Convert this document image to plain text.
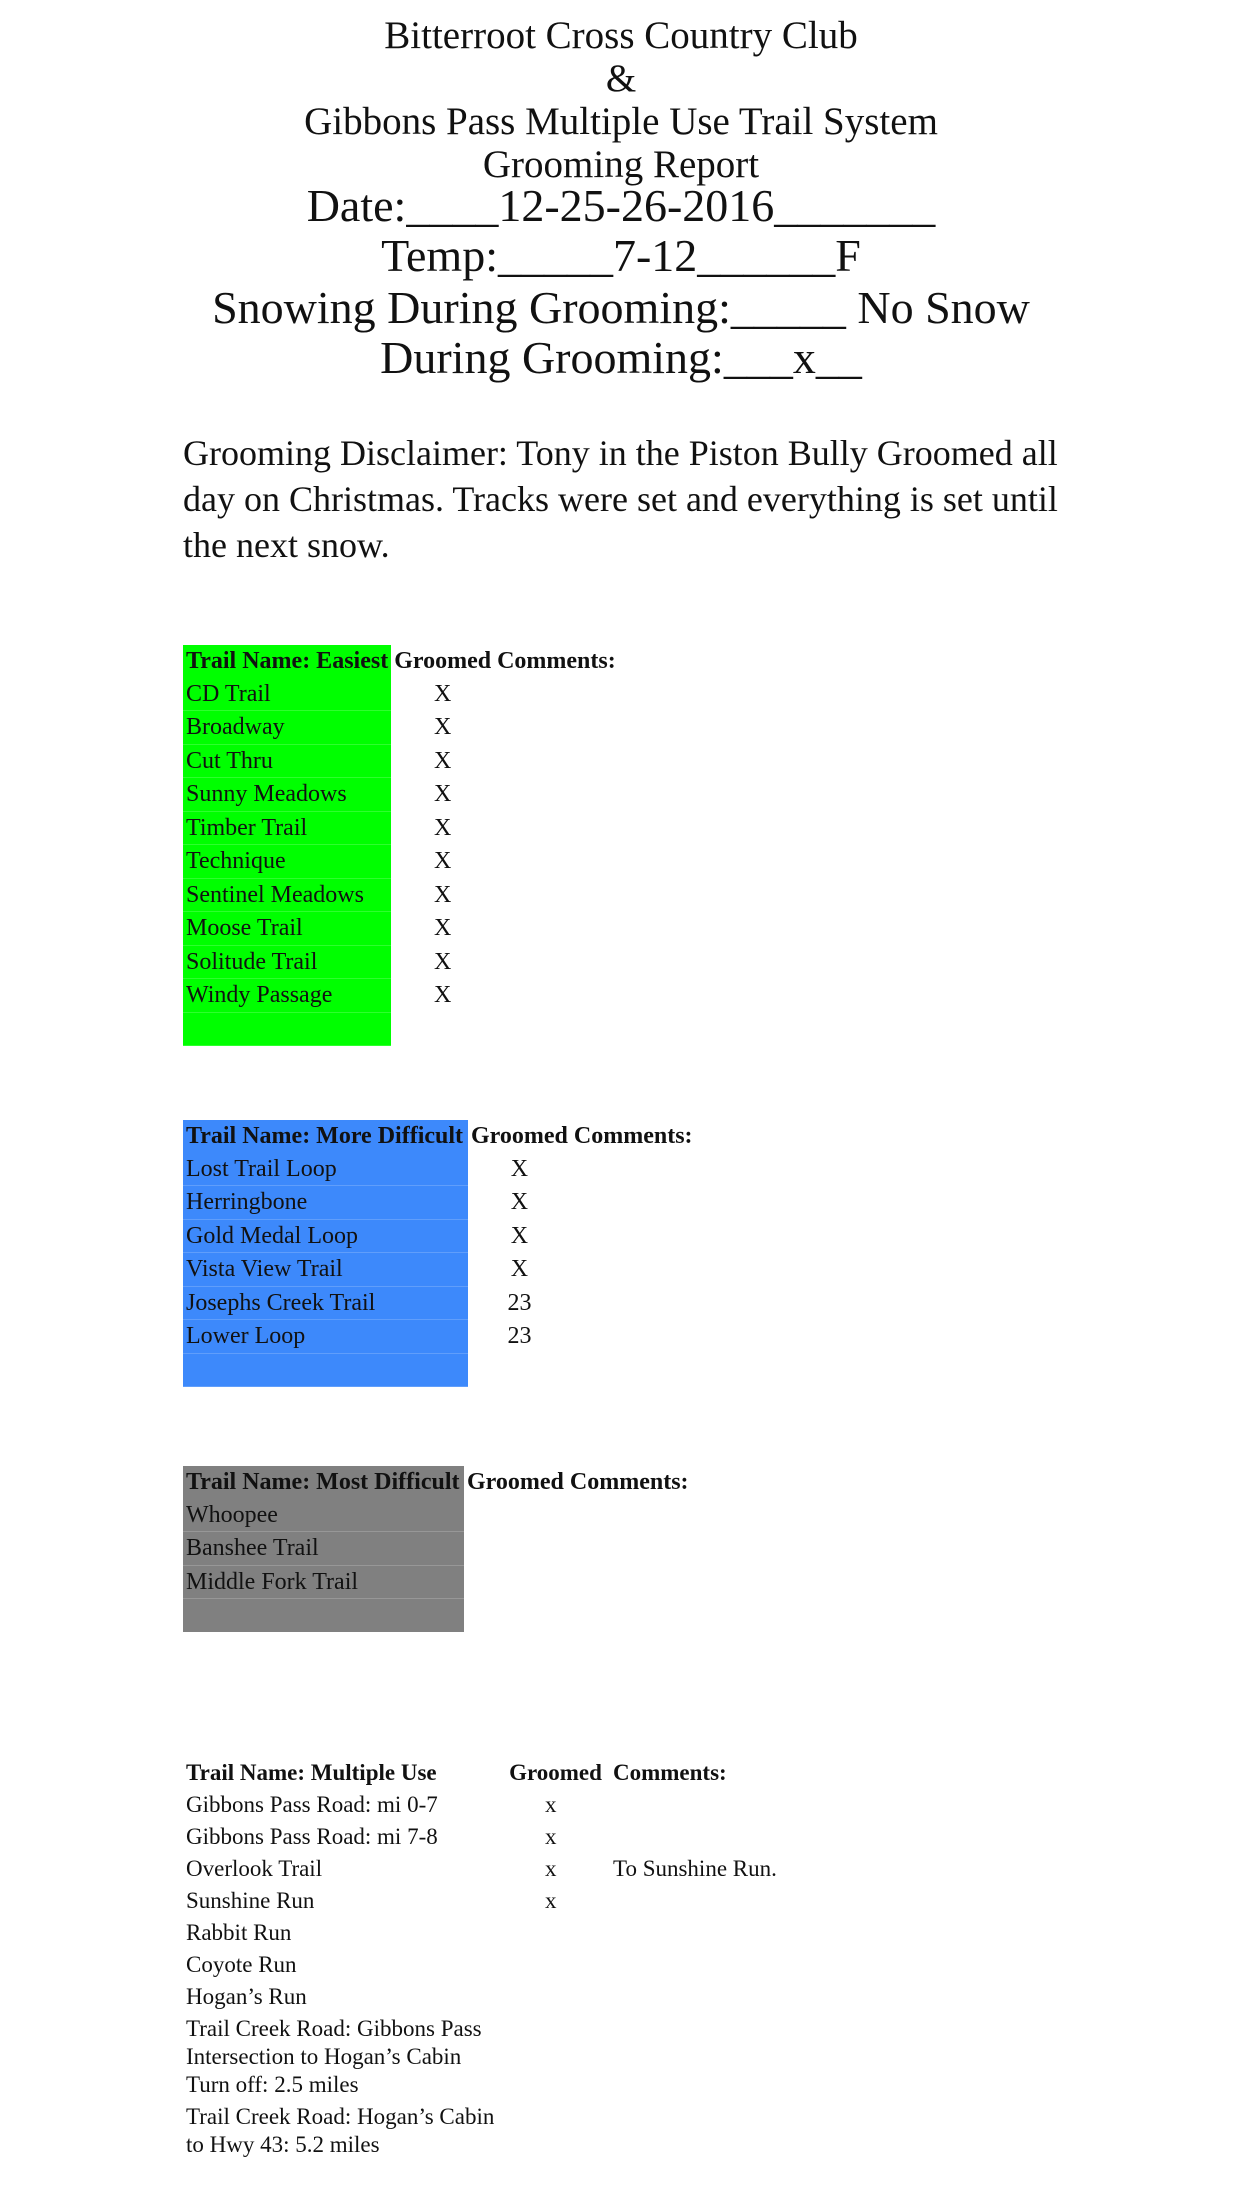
Bitterroot Cross Country Club
&
Gibbons Pass Multiple Use Trail System
Grooming Report
Date:____12-25-26-2016_______ Temp:_____7-12______F
Snowing During Grooming:_____ No Snow During Grooming:___x__
Grooming Disclaimer: Tony in the Piston Bully Groomed all day on Christmas. Tracks were set and everything is set until the next snow.
Trail Name: Easiest	Groomed	Comments:
CD Trail	X	
Broadway	X	
Cut Thru	X	
Sunny Meadows	X	
Timber Trail	X	
Technique	X	
Sentinel Meadows	X	
Moose Trail	X	
Solitude Trail	X	
Windy Passage	X	

Trail Name: More Difficult	Groomed	Comments:
Lost Trail Loop	X	
Herringbone	X	
Gold Medal Loop	X	
Vista View Trail	X	
Josephs Creek Trail	23	
Lower Loop	23	

Trail Name: Most Difficult	Groomed	Comments:
Whoopee		
Banshee Trail		
Middle Fork Trail		

Trail Name: Multiple Use	Groomed	Comments:
Gibbons Pass Road: mi 0-7	x	
Gibbons Pass Road: mi 7-8	x	
Overlook Trail	x	To Sunshine Run.
Sunshine Run	x	
Rabbit Run		
Coyote Run		
Hogan’s Run		
Trail Creek Road: Gibbons Pass Intersection to Hogan’s Cabin Turn off: 2.5 miles		
Trail Creek Road: Hogan’s Cabin to Hwy 43: 5.2 miles		
